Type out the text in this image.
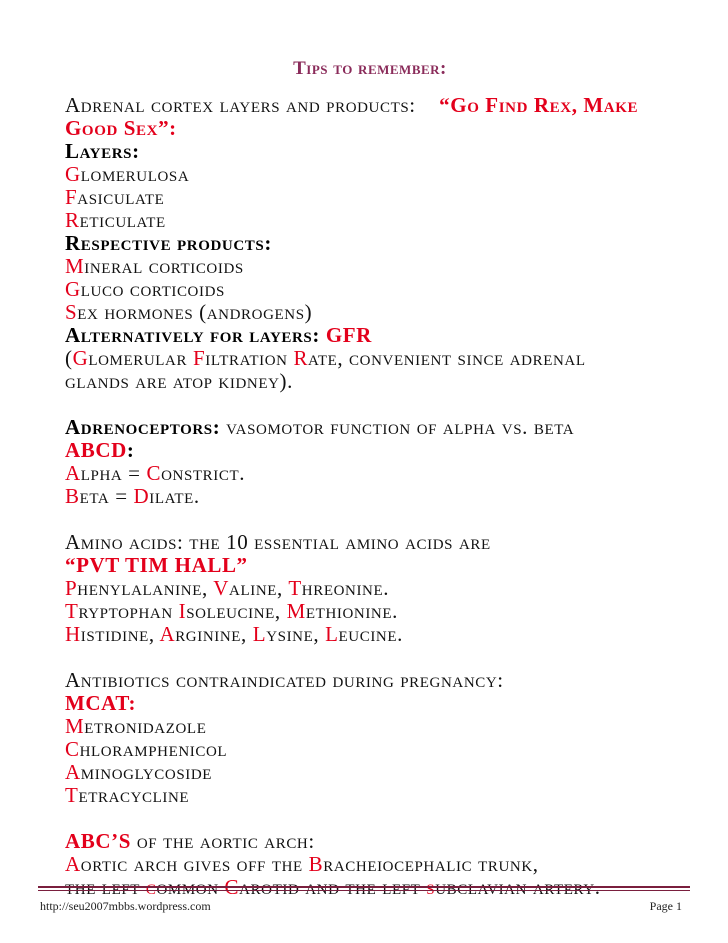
Tips to remember:
Adrenal cortex layers and products: “Go Find Rex, Make
Good Sex”:
Layers:
Glomerulosa
Fasiculate
Reticulate
Respective products:
Mineral corticoids
Gluco corticoids
Sex hormones (androgens)
Alternatively for layers: GFR
(Glomerular Filtration Rate, convenient since adrenal
glands are atop kidney).
Adrenoceptors: vasomotor function of alpha vs. beta
ABCD:
Alpha = Constrict.
Beta = Dilate.
Amino acids: the 10 essential amino acids are
“PVT TIM HALL”
Phenylalanine, Valine, Threonine.
Tryptophan Isoleucine, Methionine.
Histidine, Arginine, Lysine, Leucine.
Antibiotics contraindicated during pregnancy:
MCAT:
Metronidazole
Chloramphenicol
Aminoglycoside
Tetracycline
ABC’S of the aortic arch:
Aortic arch gives off the Bracheiocephalic trunk,
http://seu2007mbbs.wordpress.com	Page 1
